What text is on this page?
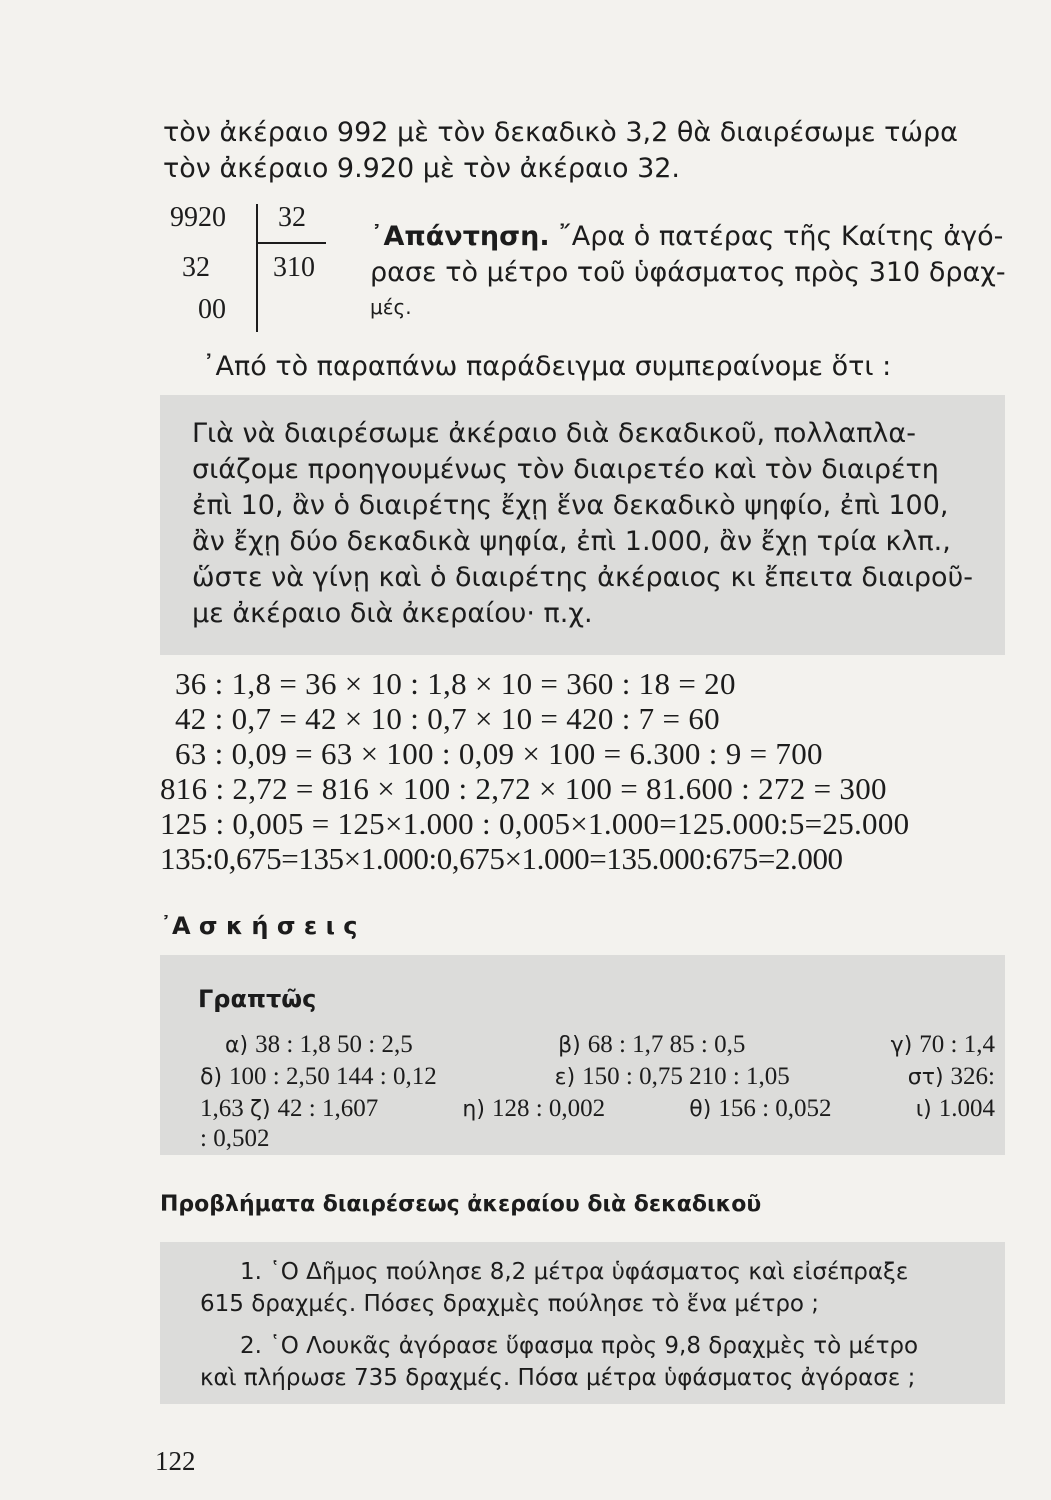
τὸν ἀκέραιο 992 μὲ τὸν δεκαδικὸ 3,2 θὰ διαιρέσωμε τώρα
τὸν ἀκέραιο 9.920 μὲ τὸν ἀκέραιο 32.
9920 32
32 310
00
᾿Απάντηση. ῎Αρα ὁ πατέρας τῆς Καίτης ἀγό-
ρασε τὸ μέτρο τοῦ ὑφάσματος πρὸς 310 δραχ-
μές.
᾿Από τὸ παραπάνω παράδειγμα συμπεραίνομε ὅτι :
Γιὰ νὰ διαιρέσωμε ἀκέραιο διὰ δεκαδικοῦ, πολλαπλα-
σιάζομε προηγουμένως τὸν διαιρετέο καὶ τὸν διαιρέτη
ἐπὶ 10, ἂν ὁ διαιρέτης ἔχῃ ἕνα δεκαδικὸ ψηφίο, ἐπὶ 100,
ἂν ἔχῃ δύο δεκαδικὰ ψηφία, ἐπὶ 1.000, ἂν ἔχῃ τρία κλπ.,
ὥστε νὰ γίνῃ καὶ ὁ διαιρέτης ἀκέραιος κι ἔπειτα διαιροῦ-
με ἀκέραιο διὰ ἀκεραίου· π.χ.
36 : 1,8 = 36 × 10 : 1,8 × 10 = 360 : 18 = 20
42 : 0,7 = 42 × 10 : 0,7 × 10 = 420 : 7 = 60
63 : 0,09 = 63 × 100 : 0,09 × 100 = 6.300 : 9 = 700
816 : 2,72 = 816 × 100 : 2,72 × 100 = 81.600 : 272 = 300
125 : 0,005 = 125×1.000 : 0,005×1.000=125.000:5=25.000
135:0,675=135×1.000:0,675×1.000=135.000:675=2.000
᾿Α σ κ ή σ ε ι ς
Γραπτῶς
α) 38 : 1,8 50 : 2,5	β) 68 : 1,7 85 : 0,5	γ) 70 : 1,4
δ) 100 : 2,50 144 : 0,12	ε) 150 : 0,75 210 : 1,05	στ) 326:
1,63 ζ) 42 : 1,607	η) 128 : 0,002	θ) 156 : 0,052	ι) 1.004
: 0,502
Προβλήματα διαιρέσεως ἀκεραίου διὰ δεκαδικοῦ
1. ῾Ο Δῆμος πούλησε 8,2 μέτρα ὑφάσματος καὶ εἰσέπραξε
615 δραχμές. Πόσες δραχμὲς πούλησε τὸ ἕνα μέτρο ;
2. ῾Ο Λουκᾶς ἀγόρασε ὕφασμα πρὸς 9,8 δραχμὲς τὸ μέτρο
καὶ πλήρωσε 735 δραχμές. Πόσα μέτρα ὑφάσματος ἀγόρασε ;
122
